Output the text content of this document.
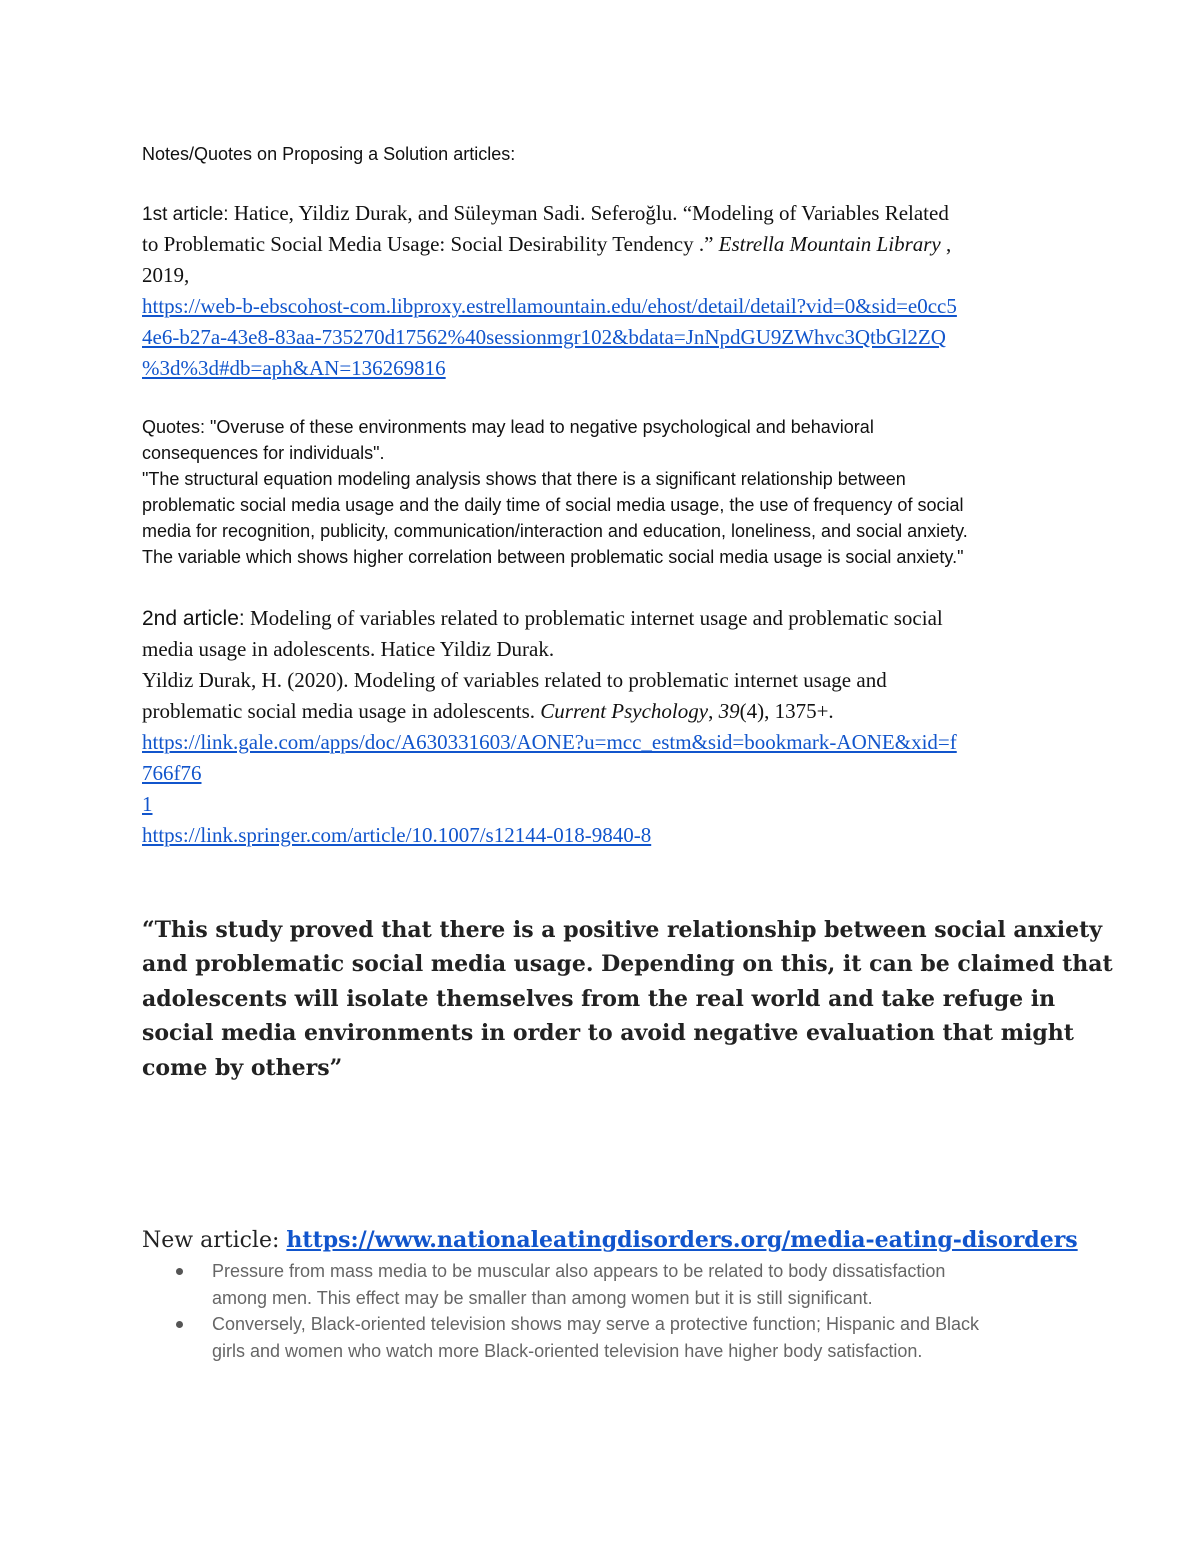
Notes/Quotes on Proposing a Solution articles:

1st article: Hatice, Yildiz Durak, and Süleyman Sadi. Seferoğlu. “Modeling of Variables Related

to Problematic Social Media Usage: Social Desirability Tendency .” Estrella Mountain Library ,

2019,

https://web-b-ebscohost-com.libproxy.estrellamountain.edu/ehost/detail/detail?vid=0&sid=e0cc5
4e6-b27a-43e8-83aa-735270d17562%40sessionmgr102&bdata=JnNpdGU9ZWhvc3QtbGl2ZQ
%3d%3d#db=aph&AN=136269816

Quotes: "Overuse of these environments may lead to negative psychological and behavioral

consequences for individuals".

"The structural equation modeling analysis shows that there is a significant relationship between

problematic social media usage and the daily time of social media usage, the use of frequency of social

media for recognition, publicity, communication/interaction and education, loneliness, and social anxiety.

The variable which shows higher correlation between problematic social media usage is social anxiety."

2nd article: Modeling of variables related to problematic internet usage and problematic social

media usage in adolescents. Hatice Yildiz Durak.

Yildiz Durak, H. (2020). Modeling of variables related to problematic internet usage and

problematic social media usage in adolescents. Current Psychology, 39(4), 1375+.

https://link.gale.com/apps/doc/A630331603/AONE?u=mcc_estm&sid=bookmark-AONE&xid=f
766f76
1
https://link.springer.com/article/10.1007/s12144-018-9840-8

“This study proved that there is a positive relationship between social anxiety

and problematic social media usage. Depending on this, it can be claimed that

adolescents will isolate themselves from the real world and take refuge in

social media environments in order to avoid negative evaluation that might

come by others”

New article: https://www.nationaleatingdisorders.org/media-eating-disorders

Pressure from mass media to be muscular also appears to be related to body dissatisfaction
among men. This effect may be smaller than among women but it is still significant.
Conversely, Black-oriented television shows may serve a protective function; Hispanic and Black
girls and women who watch more Black-oriented television have higher body satisfaction.
